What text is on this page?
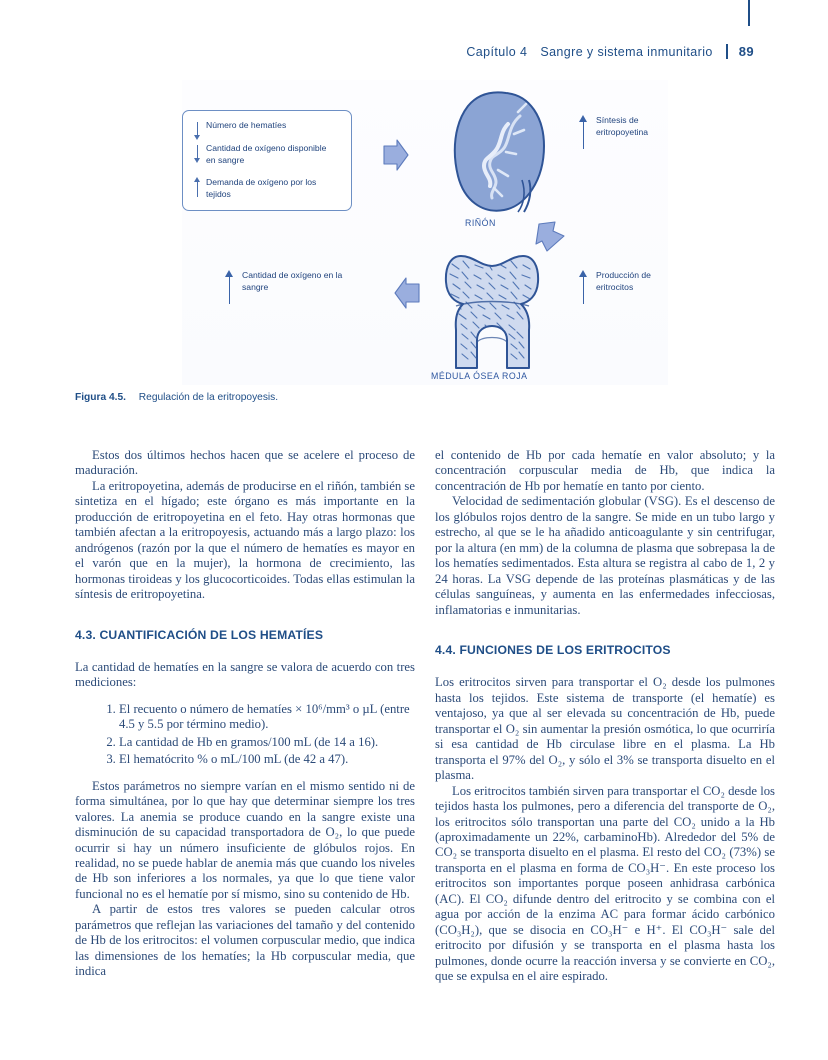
Capítulo 4 Sangre y sistema inmunitario 89
Número de hematíes
Cantidad de oxígeno disponible en sangre
Demanda de oxígeno por los tejidos
RIÑÓN
Síntesis de eritropoyetina
MÉDULA ÓSEA ROJA
Producción de eritrocitos
Cantidad de oxígeno en la sangre
Figura 4.5. Regulación de la eritropoyesis.

Estos dos últimos hechos hacen que se acelere el proceso de maduración.

La eritropoyetina, además de producirse en el riñón, también se sintetiza en el hígado; este órgano es más importante en la producción de eritropoyetina en el feto. Hay otras hormonas que también afectan a la eritropoyesis, actuando más a largo plazo: los andrógenos (razón por la que el número de hematíes es mayor en el varón que en la mujer), la hormona de crecimiento, las hormonas tiroideas y los glucocorticoides. Todas ellas estimulan la síntesis de eritropoyetina.

4.3. CUANTIFICACIÓN DE LOS HEMATÍES

La cantidad de hematíes en la sangre se valora de acuerdo con tres mediciones:

1. El recuento o número de hematíes × 10⁶/mm³ o µL (entre 4.5 y 5.5 por término medio).
2. La cantidad de Hb en gramos/100 mL (de 14 a 16).
3. El hematócrito % o mL/100 mL (de 42 a 47).

Estos parámetros no siempre varían en el mismo sentido ni de forma simultánea, por lo que hay que determinar siempre los tres valores. La anemia se produce cuando en la sangre existe una disminución de su capacidad transportadora de O₂, lo que puede ocurrir si hay un número insuficiente de glóbulos rojos. En realidad, no se puede hablar de anemia más que cuando los niveles de Hb son inferiores a los normales, ya que lo que tiene valor funcional no es el hematíe por sí mismo, sino su contenido de Hb.

A partir de estos tres valores se pueden calcular otros parámetros que reflejan las variaciones del tamaño y del contenido de Hb de los eritrocitos: el volumen corpuscular medio, que indica las dimensiones de los hematíes; la Hb corpuscular media, que indica

el contenido de Hb por cada hematíe en valor absoluto; y la concentración corpuscular media de Hb, que indica la concentración de Hb por hematíe en tanto por ciento.

Velocidad de sedimentación globular (VSG). Es el descenso de los glóbulos rojos dentro de la sangre. Se mide en un tubo largo y estrecho, al que se le ha añadido anticoagulante y sin centrifugar, por la altura (en mm) de la columna de plasma que sobrepasa la de los hematíes sedimentados. Esta altura se registra al cabo de 1, 2 y 24 horas. La VSG depende de las proteínas plasmáticas y de las células sanguíneas, y aumenta en las enfermedades infecciosas, inflamatorias e inmunitarias.

4.4. FUNCIONES DE LOS ERITROCITOS

Los eritrocitos sirven para transportar el O₂ desde los pulmones hasta los tejidos. Este sistema de transporte (el hematíe) es ventajoso, ya que al ser elevada su concentración de Hb, puede transportar el O₂ sin aumentar la presión osmótica, lo que ocurriría si esa cantidad de Hb circulase libre en el plasma. La Hb transporta el 97% del O₂, y sólo el 3% se transporta disuelto en el plasma.

Los eritrocitos también sirven para transportar el CO₂ desde los tejidos hasta los pulmones, pero a diferencia del transporte de O₂, los eritrocitos sólo transportan una parte del CO₂ unido a la Hb (aproximadamente un 22%, carbaminoHb). Alrededor del 5% de CO₂ se transporta disuelto en el plasma. El resto del CO₂ (73%) se transporta en el plasma en forma de CO₃H⁻. En este proceso los eritrocitos son importantes porque poseen anhidrasa carbónica (AC). El CO₂ difunde dentro del eritrocito y se combina con el agua por acción de la enzima AC para formar ácido carbónico (CO₃H₂), que se disocia en CO₃H⁻ e H⁺. El CO₃H⁻ sale del eritrocito por difusión y se transporta en el plasma hasta los pulmones, donde ocurre la reacción inversa y se convierte en CO₂, que se expulsa en el aire espirado.
